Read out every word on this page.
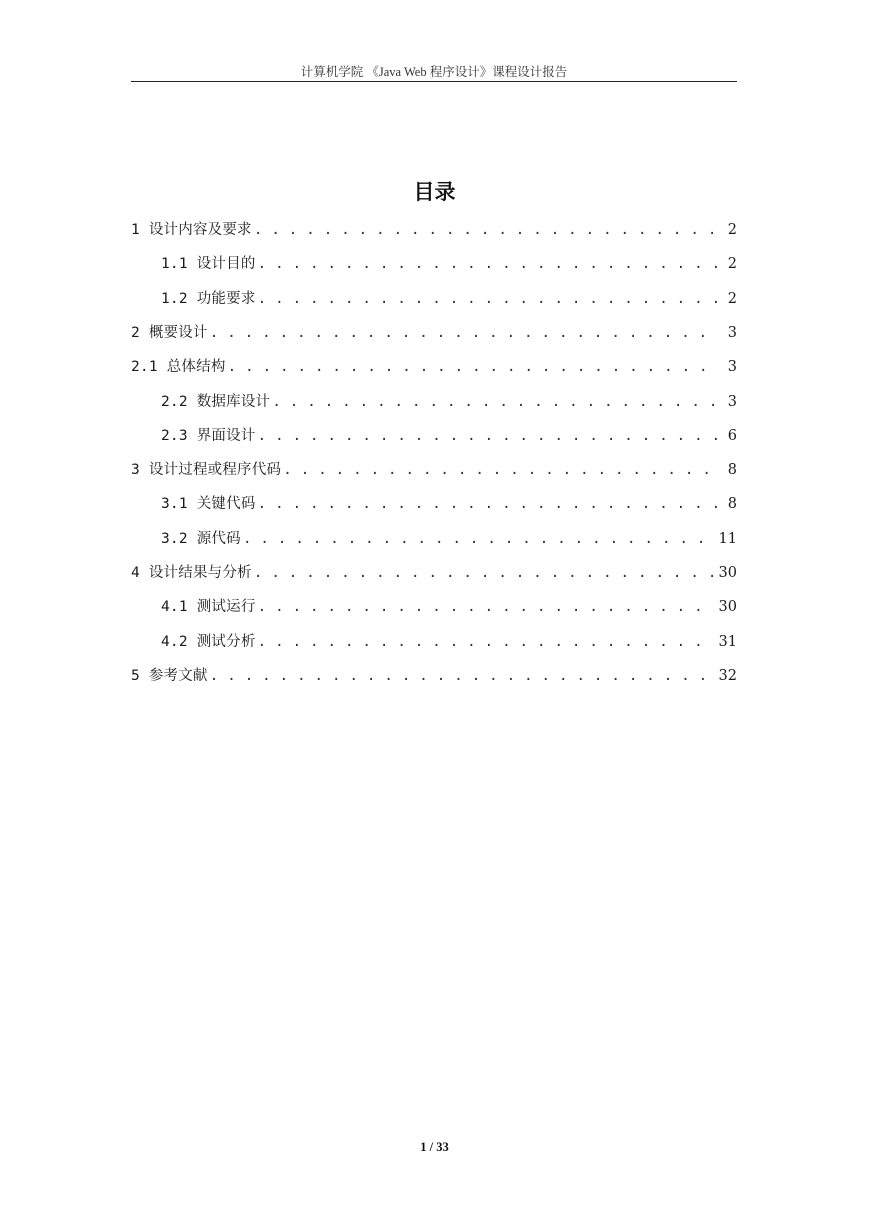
计算机学院 《Java Web 程序设计》课程设计报告
目录
1 设计内容及要求 . . .	2
1.1 设计目的 . . .	2
1.2 功能要求 . . .	2
2 概要设计 . . .	3
2.1 总体结构 . . .	3
2.2 数据库设计 . . .	3
2.3 界面设计 . . .	6
3 设计过程或程序代码 . . .	8
3.1 关键代码 . . .	8
3.2 源代码 . . .	11
4 设计结果与分析 . . .	30
4.1 测试运行 . . .	30
4.2 测试分析 . . .	31
5 参考文献 . . .	32
1 / 33
